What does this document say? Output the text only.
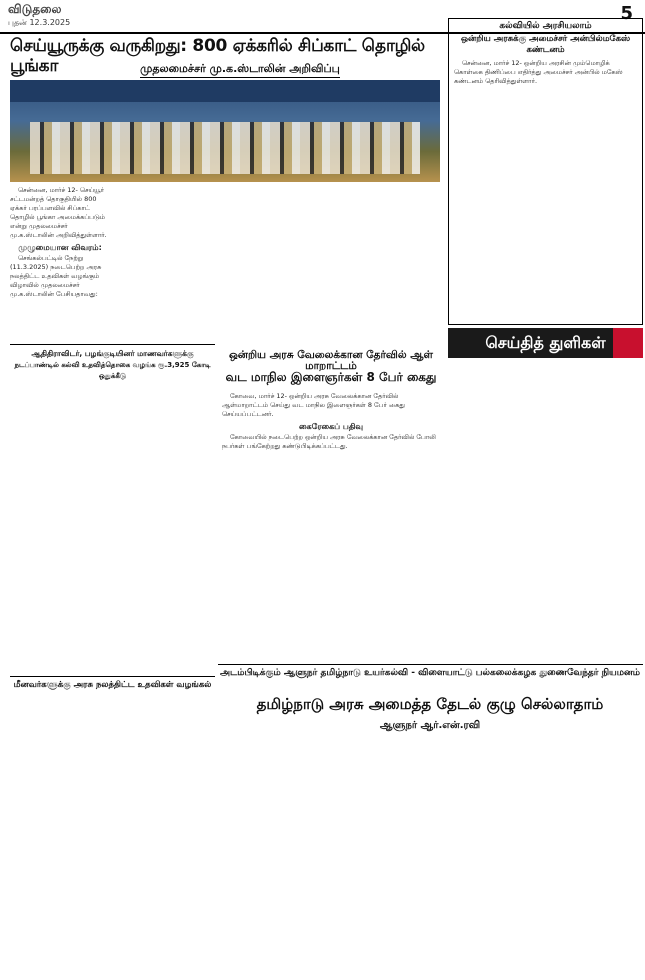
விடுதலை
புதன் 12.3.2025	5
செய்யூருக்கு வருகிறது: 800 ஏக்கரில் சிப்காட் தொழில் பூங்கா	முதலமைச்சர் மு.க.ஸ்டாலின் அறிவிப்பு

சென்னை, மார்ச் 12- செய்யூர் சட்டமன்றத் தொகுதியில் 800 ஏக்கர் பரப்பளவில் சிப்காட் தொழில் பூங்கா அமைக்கப்படும் என்று முதலமைச்சர் மு.க.ஸ்டாலின் அறிவித்துள்ளார்.

முழுமையான விவரம்:

செங்கல்பட்டில் நேற்று (11.3.2025) நடைபெற்ற அரசு நலத்திட்ட உதவிகள் வழங்கும் விழாவில் முதலமைச்சர் மு.க.ஸ்டாலின் பேசியதாவது:

ஆதிதிராவிடர், பழங்குடியினர் மாணவர்களுக்கு
நடப்பாண்டில் கல்வி உதவித்தொகை வழங்க ரூ.3,925 கோடி ஒதுக்கீடு
மீனவர்களுக்கு அரசு நலத்திட்ட உதவிகள் வழங்கல்
ஒன்றிய அரசு வேலைக்கான தேர்வில் ஆள் மாறாட்டம்
வட மாநில இளைஞர்கள் 8 பேர் கைது

கோவை, மார்ச் 12- ஒன்றிய அரசு வேலைக்கான தேர்வில் ஆள்மாறாட்டம் செய்து வட மாநில இளைஞர்கள் 8 பேர் கைது செய்யப்பட்டனர்.

கைரேகைப் பதிவு

கோவையில் நடைபெற்ற ஒன்றிய அரசு வேலைக்கான தேர்வில் போலி நபர்கள் பங்கேற்றது கண்டுபிடிக்கப்பட்டது.

அடம்பிடிக்கும் ஆளுநர் தமிழ்நாடு உயர்கல்வி - விளையாட்டு பல்கலைக்கழக துணைவேந்தர் நியமனம்
தமிழ்நாடு அரசு அமைத்த தேடல் குழு செல்லாதாம்
ஆளுநர் ஆர்.என்.ரவி
கல்வியில் அரசியலாம்
ஒன்றிய அரசுக்கு அமைச்சர் அன்பில்மகேஸ் கண்டனம்

சென்னை, மார்ச் 12- ஒன்றிய அரசின் மும்மொழிக் கொள்கை திணிப்பை எதிர்த்து அமைச்சர் அன்பில் மகேஸ் கண்டனம் தெரிவித்துள்ளார்.

செய்தித் துளிகள்
